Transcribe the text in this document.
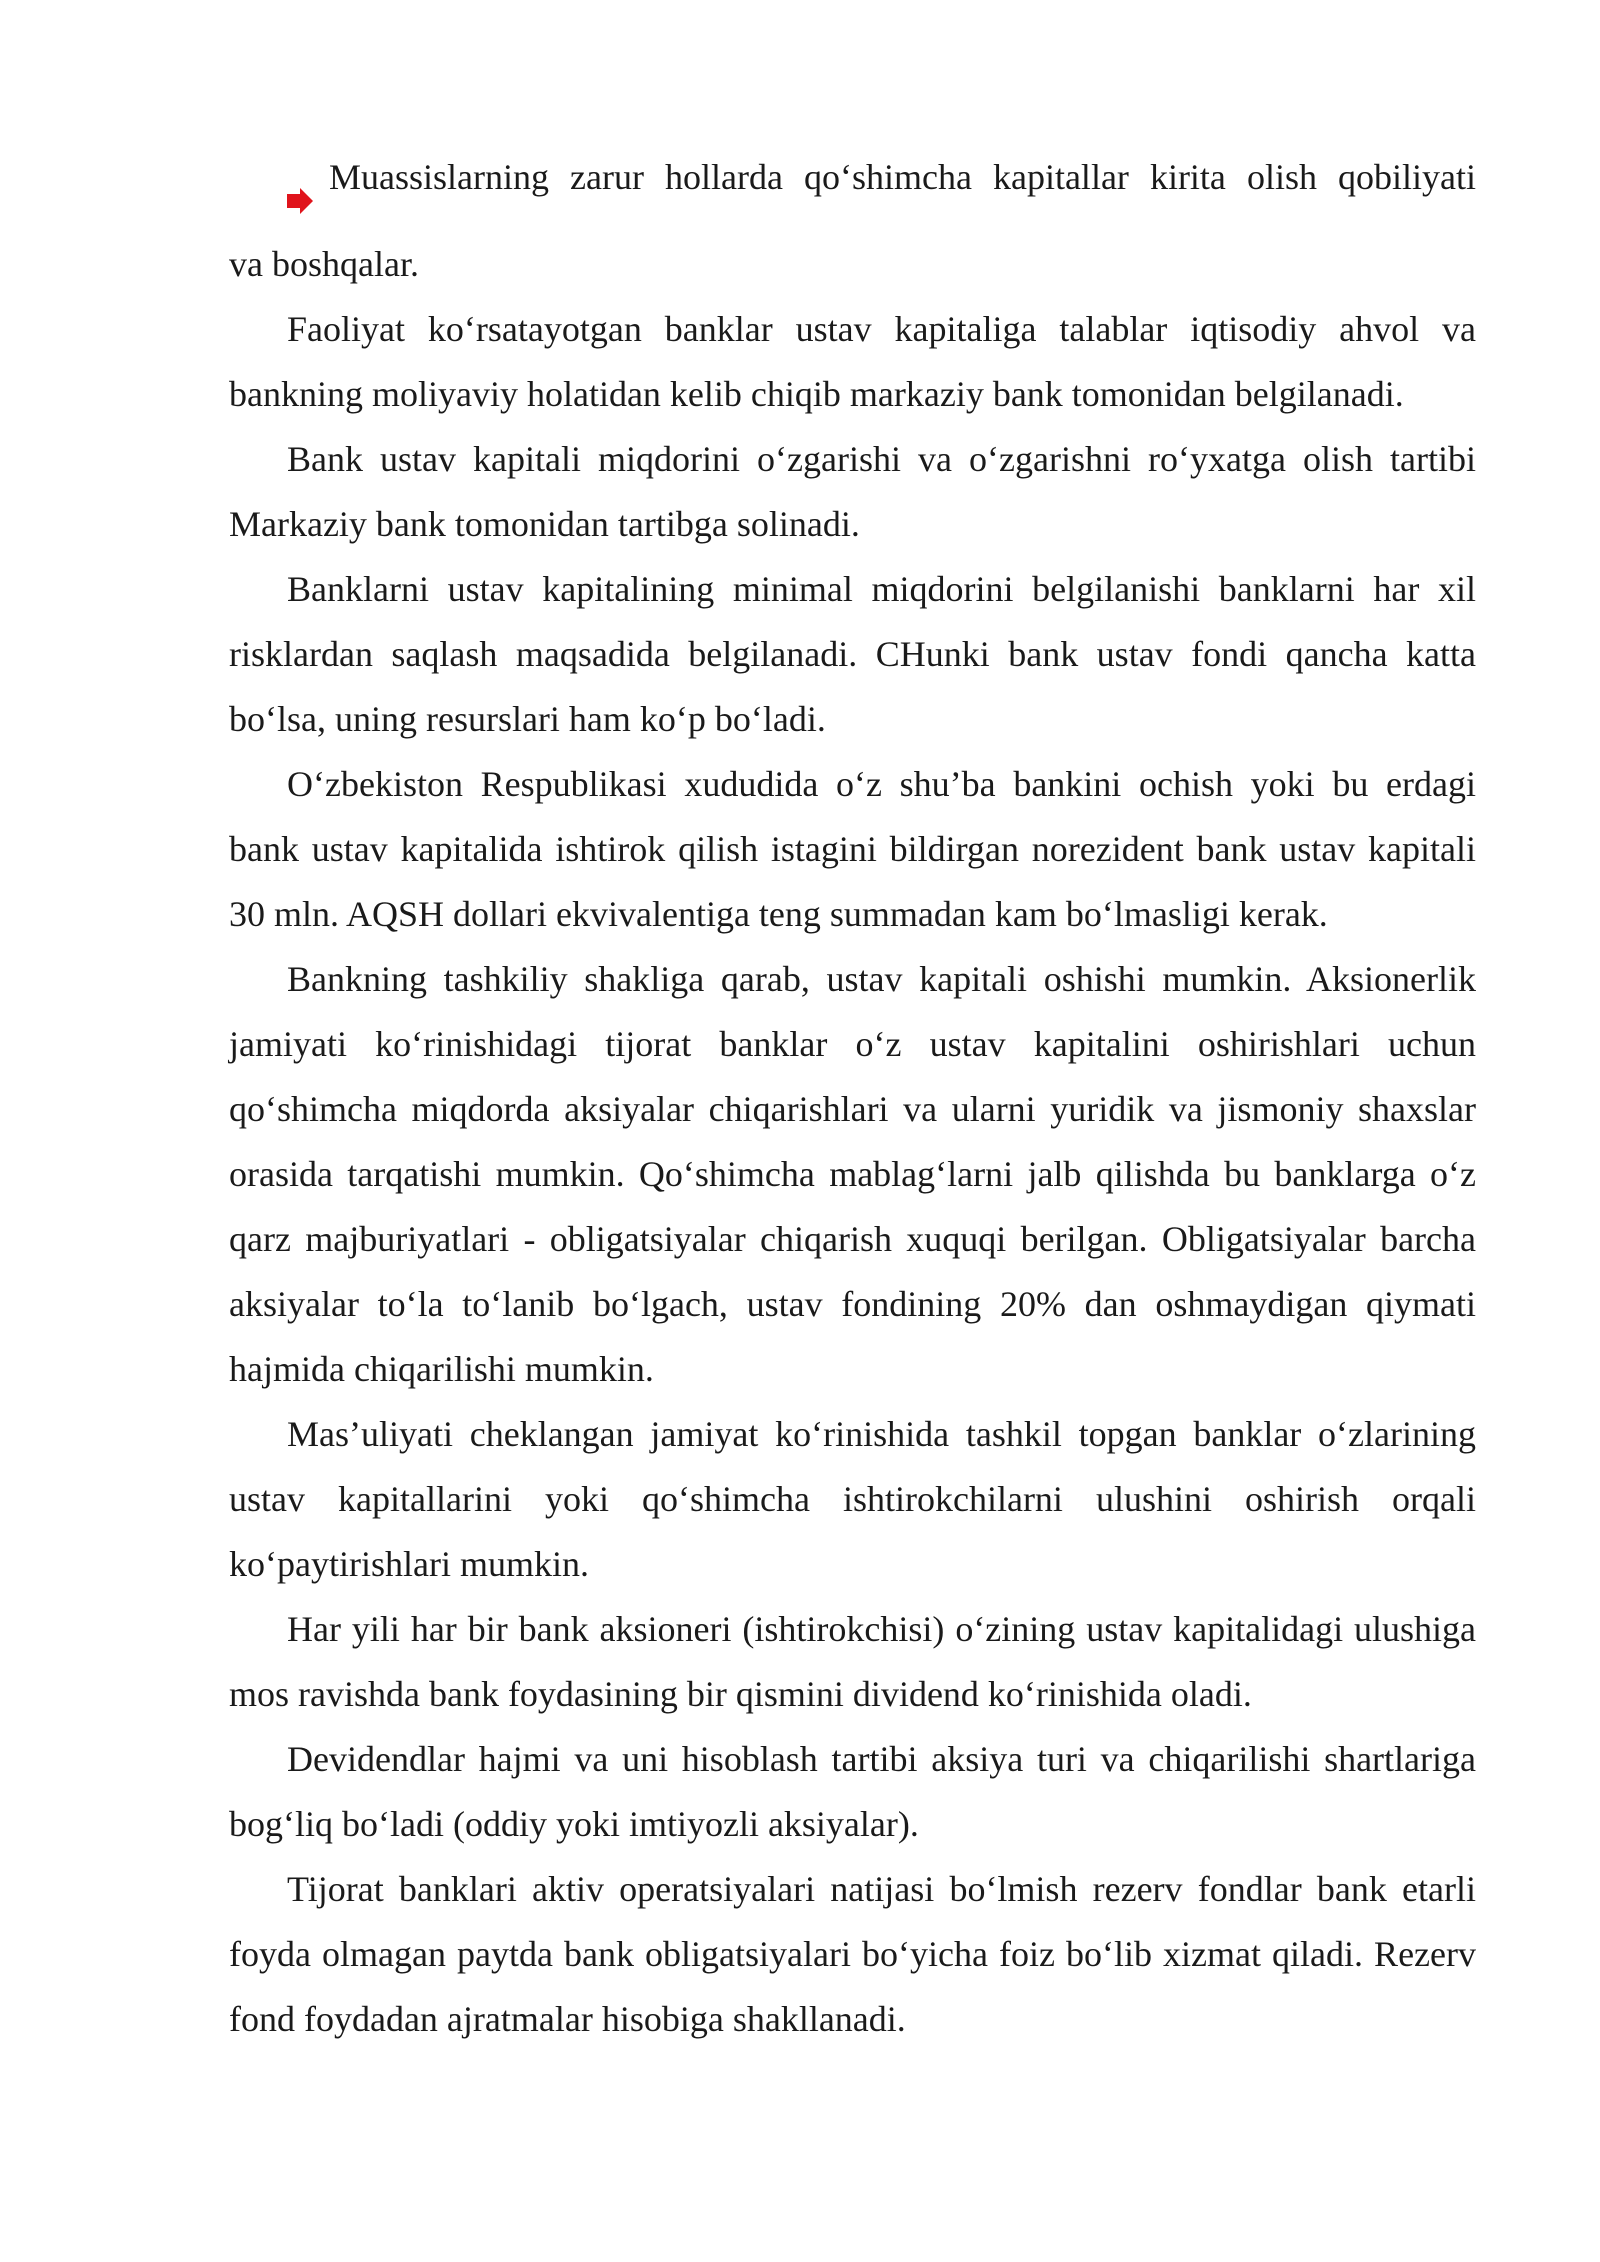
Muassislarning zarur hollarda qo‘shimcha kapitallar kirita olish qobiliyati

va boshqalar.

Faoliyat ko‘rsatayotgan banklar ustav kapitaliga talablar iqtisodiy ahvol va bankning moliyaviy holatidan kelib chiqib markaziy bank tomonidan belgilanadi.

Bank ustav kapitali miqdorini o‘zgarishi va o‘zgarishni ro‘yxatga olish tartibi Markaziy bank tomonidan tartibga solinadi.

Banklarni ustav kapitalining minimal miqdorini belgilanishi banklarni har xil risklardan saqlash maqsadida belgilanadi. CHunki bank ustav fondi qancha katta bo‘lsa, uning resurslari ham ko‘p bo‘ladi.

O‘zbekiston Respublikasi xududida o‘z shu’ba bankini ochish yoki bu erdagi bank ustav kapitalida ishtirok qilish istagini bildirgan norezident bank ustav kapitali 30 mln. AQSH dollari ekvivalentiga teng summadan kam bo‘lmasligi kerak.

Bankning tashkiliy shakliga qarab, ustav kapitali oshishi mumkin. Aksionerlik jamiyati ko‘rinishidagi tijorat banklar o‘z ustav kapitalini oshirishlari uchun qo‘shimcha miqdorda aksiyalar chiqarishlari va ularni yuridik va jismoniy shaxslar orasida tarqatishi mumkin. Qo‘shimcha mablag‘larni jalb qilishda bu banklarga o‘z qarz majburiyatlari - obligatsiyalar chiqarish xuquqi berilgan. Obligatsiyalar barcha aksiyalar to‘la to‘lanib bo‘lgach, ustav fondining 20% dan oshmaydigan qiymati hajmida chiqarilishi mumkin.

Mas’uliyati cheklangan jamiyat ko‘rinishida tashkil topgan banklar o‘zlarining ustav kapitallarini yoki qo‘shimcha ishtirokchilarni ulushini oshirish orqali ko‘paytirishlari mumkin.

Har yili har bir bank aksioneri (ishtirokchisi) o‘zining ustav kapitalidagi ulushiga mos ravishda bank foydasining bir qismini dividend ko‘rinishida oladi.

Devidendlar hajmi va uni hisoblash tartibi aksiya turi va chiqarilishi shartlariga bog‘liq bo‘ladi (oddiy yoki imtiyozli aksiyalar).

Tijorat banklari aktiv operatsiyalari natijasi bo‘lmish rezerv fondlar bank etarli foyda olmagan paytda bank obligatsiyalari bo‘yicha foiz bo‘lib xizmat qiladi. Rezerv fond foydadan ajratmalar hisobiga shakllanadi.
